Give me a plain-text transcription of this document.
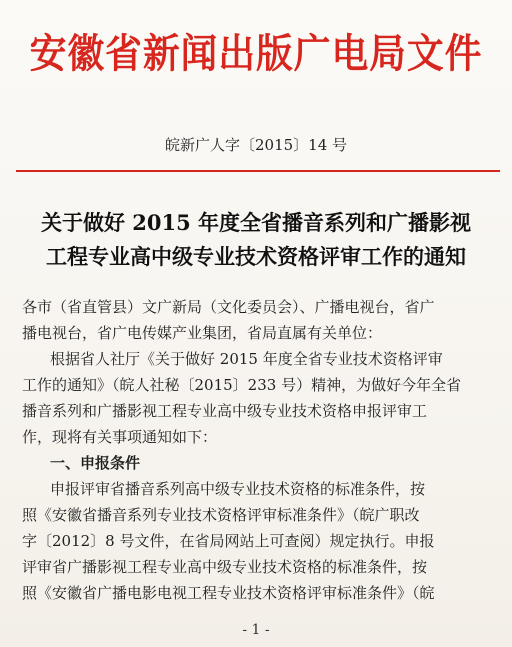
安徽省新闻出版广电局文件
皖新广人字〔2015〕14 号
关于做好 2015 年度全省播音系列和广播影视
工程专业高中级专业技术资格评审工作的通知
各市（省直管县）文广新局（文化委员会）、广播电视台，省广
播电视台，省广电传媒产业集团，省局直属有关单位：
根据省人社厅《关于做好 2015 年度全省专业技术资格评审
工作的通知》（皖人社秘〔2015〕233 号）精神，为做好今年全省
播音系列和广播影视工程专业高中级专业技术资格申报评审工
作，现将有关事项通知如下：
一、申报条件
申报评审省播音系列高中级专业技术资格的标准条件，按
照《安徽省播音系列专业技术资格评审标准条件》（皖广职改
字〔2012〕8 号文件，在省局网站上可查阅）规定执行。申报
评审省广播影视工程专业高中级专业技术资格的标准条件，按
照《安徽省广播电影电视工程专业技术资格评审标准条件》（皖
- 1 -
